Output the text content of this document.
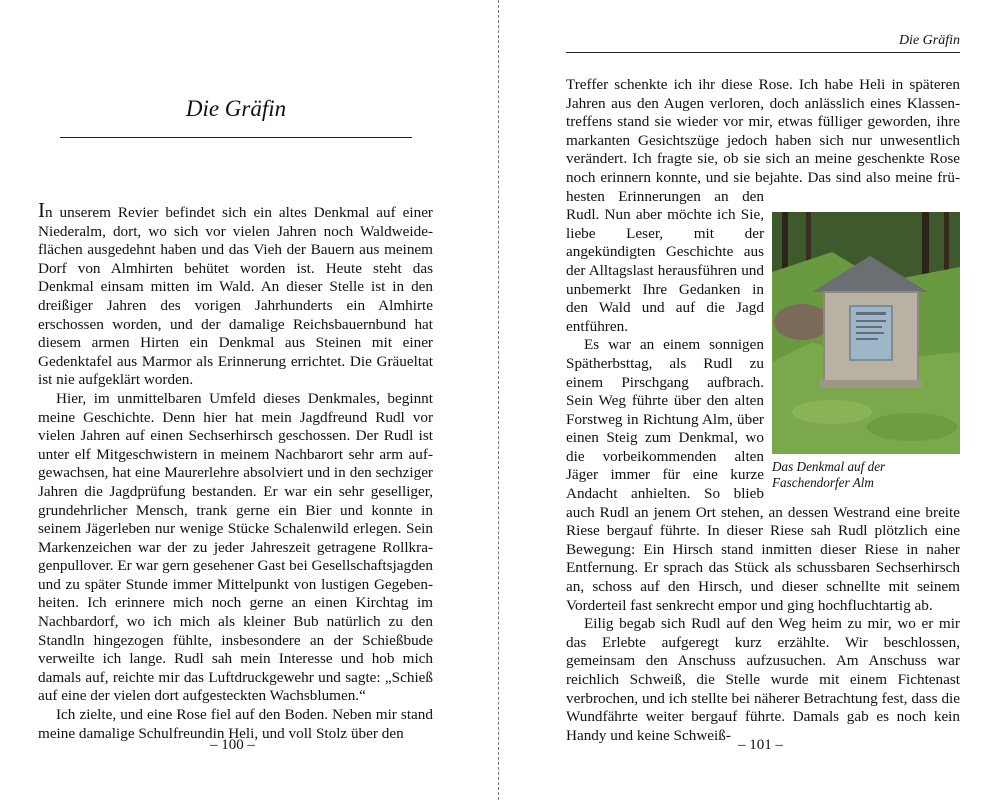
Die Gräfin

In unserem Revier befindet sich ein altes Denkmal auf einer Niederalm, dort, wo sich vor vielen Jahren noch Waldweideflächen ausgedehnt haben und das Vieh der Bauern aus meinem Dorf von Almhirten behütet worden ist. Heute steht das Denkmal einsam mitten im Wald. An dieser Stelle ist in den dreißiger Jahren des vorigen Jahrhunderts ein Almhirte erschossen worden, und der damalige Reichsbauernbund hat diesem armen Hirten ein Denkmal aus Steinen mit einer Gedenktafel aus Marmor als Erinnerung errichtet. Die Gräueltat ist nie aufgeklärt worden.

Hier, im unmittelbaren Umfeld dieses Denkmales, beginnt meine Geschichte. Denn hier hat mein Jagdfreund Rudl vor vielen Jahren auf einen Sechserhirsch geschossen. Der Rudl ist unter elf Mitgeschwistern in meinem Nachbarort sehr arm aufgewachsen, hat eine Maurerlehre absolviert und in den sechziger Jahren die Jagdprüfung bestanden. Er war ein sehr geselliger, grundehrlicher Mensch, trank gerne ein Bier und konnte in seinem Jägerleben nur wenige Stücke Schalenwild erlegen. Sein Markenzeichen war der zu jeder Jahreszeit getragene Rollkragenpullover. Er war gern gesehener Gast bei Gesellschaftsjagden und zu später Stunde immer Mittelpunkt von lustigen Gegebenheiten. Ich erinnere mich noch gerne an einen Kirchtag im Nachbardorf, wo ich mich als kleiner Bub natürlich zu den Standln hingezogen fühlte, insbesondere an der Schießbude verweilte ich lange. Rudl sah mein Interesse und hob mich damals auf, reichte mir das Luftdruckgewehr und sagte: „Schieß auf eine der vielen dort aufgesteckten Wachsblumen.“

Ich zielte, und eine Rose fiel auf den Boden. Neben mir stand meine damalige Schulfreundin Heli, und voll Stolz über den

– 100 –
Die Gräfin
Das Denkmal auf der Faschendorfer Alm

Treffer schenkte ich ihr diese Rose. Ich habe Heli in späteren Jahren aus den Augen verloren, doch anlässlich eines Klassentreffens stand sie wieder vor mir, etwas fülliger geworden, ihre markanten Gesichtszüge jedoch haben sich nur unwesentlich verändert. Ich fragte sie, ob sie sich an meine geschenkte Rose noch erinnern konnte, und sie bejahte. Das sind also meine frühesten Erinnerungen an den Rudl. Nun aber möchte ich Sie, liebe Leser, mit der angekündigten Geschichte aus der Alltagslast herausführen und unbemerkt Ihre Gedanken in den Wald und auf die Jagd entführen.

Es war an einem sonnigen Spätherbsttag, als Rudl zu einem Pirschgang aufbrach. Sein Weg führte über den alten Forstweg in Richtung Alm, über einen Steig zum Denkmal, wo die vorbeikommenden alten Jäger immer für eine kurze Andacht anhielten. So blieb auch Rudl an jenem Ort stehen, an dessen Westrand eine breite Riese bergauf führte. In dieser Riese sah Rudl plötzlich eine Bewegung: Ein Hirsch stand inmitten dieser Riese in naher Entfernung. Er sprach das Stück als schussbaren Sechserhirsch an, schoss auf den Hirsch, und dieser schnellte mit seinem Vorderteil fast senkrecht empor und ging hochfluchtartig ab.

Eilig begab sich Rudl auf den Weg heim zu mir, wo er mir das Erlebte aufgeregt kurz erzählte. Wir beschlossen, gemeinsam den Anschuss aufzusuchen. Am Anschuss war reichlich Schweiß, die Stelle wurde mit einem Fichtenast verbrochen, und ich stellte bei näherer Betrachtung fest, dass die Wundfährte weiter bergauf führte. Damals gab es noch kein Handy und keine Schweiß-

– 101 –
